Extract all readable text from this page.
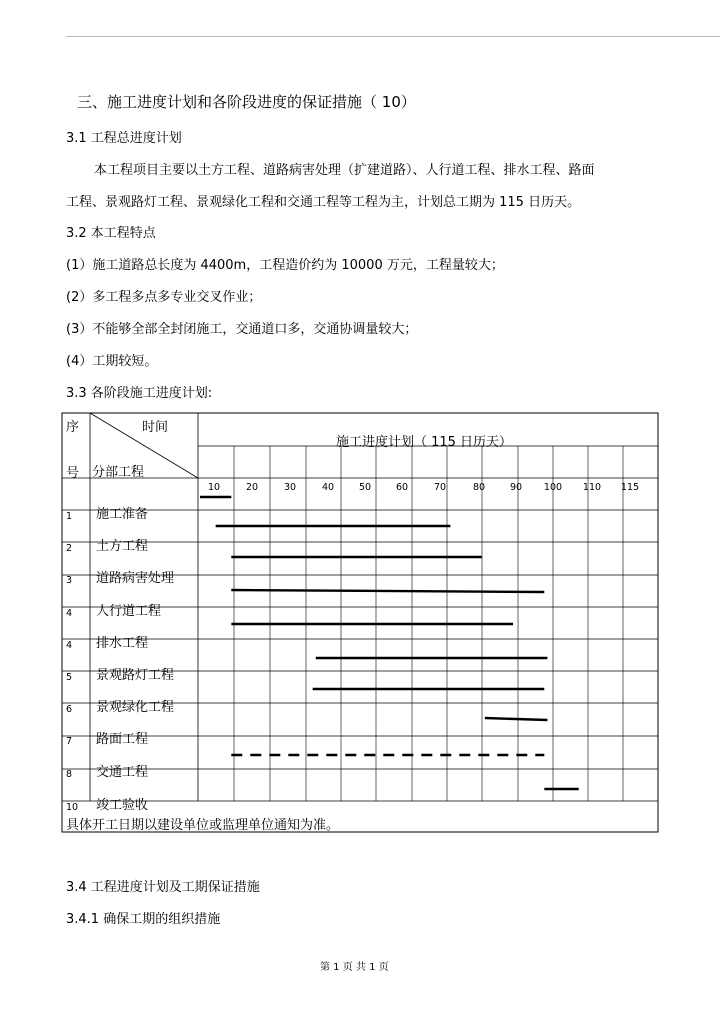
三、施工进度计划和各阶段进度的保证措施（ 10）
3.1 工程总进度计划
本工程项目主要以土方工程、道路病害处理（扩建道路）、人行道工程、排水工程、路面
工程、景观路灯工程、景观绿化工程和交通工程等工程为主，计划总工期为 115 日历天。
3.2 本工程特点
(1）施工道路总长度为 4400m，工程造价约为 10000 万元，工程量较大；
(2）多工程多点多专业交叉作业；
(3）不能够全部全封闭施工，交通道口多，交通协调量较大；
(4）工期较短。
3.3 各阶段施工进度计划:
序
号
时间
分部工程
施工进度计划（ 115 日历天）
10	20	30	40	50	60	70	80	90 100 110 115
1 施工准备
2 土方工程
3 道路病害处理
4 人行道工程
4 排水工程
5 景观路灯工程
6 景观绿化工程
7 路面工程
8 交通工程
10 竣工验收
具体开工日期以建设单位或监理单位通知为准。
3.4 工程进度计划及工期保证措施
3.4.1 确保工期的组织措施
第 1 页 共 1 页
